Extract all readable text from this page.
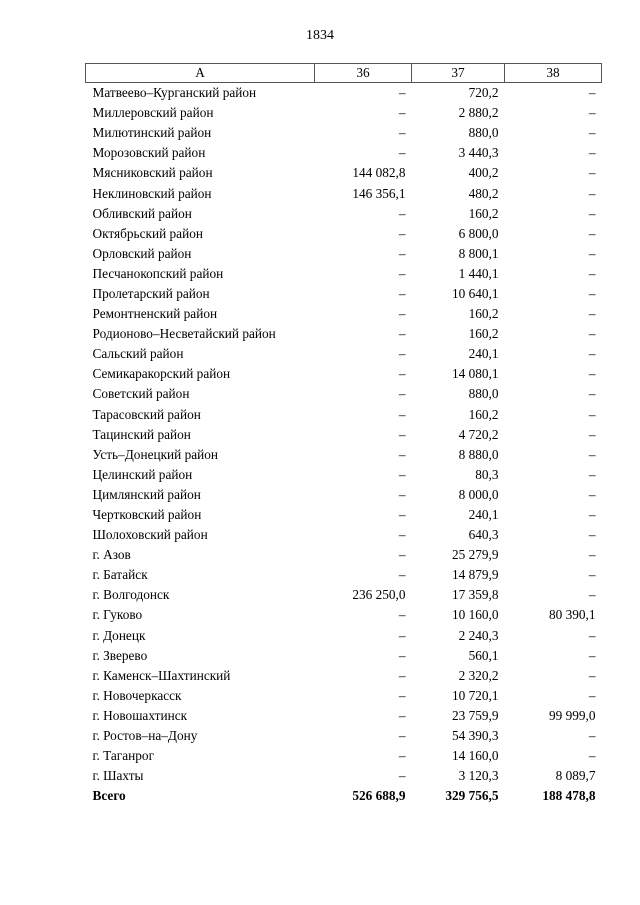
1834
А	36	37	38
Матвеево–Курганский район	–	720,2	–
Миллеровский район	–	2 880,2	–
Милютинский район	–	880,0	–
Морозовский район	–	3 440,3	–
Мясниковский район	144 082,8	400,2	–
Неклиновский район	146 356,1	480,2	–
Обливский район	–	160,2	–
Октябрьский район	–	6 800,0	–
Орловский район	–	8 800,1	–
Песчанокопский район	–	1 440,1	–
Пролетарский район	–	10 640,1	–
Ремонтненский район	–	160,2	–
Родионово–Несветайский район	–	160,2	–
Сальский район	–	240,1	–
Семикаракорский район	–	14 080,1	–
Советский район	–	880,0	–
Тарасовский район	–	160,2	–
Тацинский район	–	4 720,2	–
Усть–Донецкий район	–	8 880,0	–
Целинский район	–	80,3	–
Цимлянский район	–	8 000,0	–
Чертковский район	–	240,1	–
Шолоховский район	–	640,3	–
г. Азов	–	25 279,9	–
г. Батайск	–	14 879,9	–
г. Волгодонск	236 250,0	17 359,8	–
г. Гуково	–	10 160,0	80 390,1
г. Донецк	–	2 240,3	–
г. Зверево	–	560,1	–
г. Каменск–Шахтинский	–	2 320,2	–
г. Новочеркасск	–	10 720,1	–
г. Новошахтинск	–	23 759,9	99 999,0
г. Ростов–на–Дону	–	54 390,3	–
г. Таганрог	–	14 160,0	–
г. Шахты	–	3 120,3	8 089,7
Всего	526 688,9	329 756,5	188 478,8
